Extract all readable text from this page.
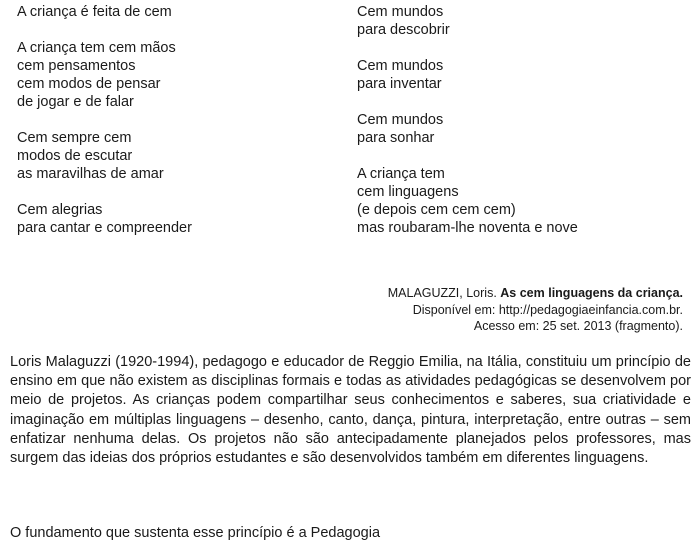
A criança é feita de cem
A criança tem cem mãos
cem pensamentos
cem modos de pensar
de jogar e de falar
Cem sempre cem
modos de escutar
as maravilhas de amar
Cem alegrias
para cantar e compreender
Cem mundos
para descobrir
Cem mundos
para inventar
Cem mundos
para sonhar
A criança tem
cem linguagens
(e depois cem cem cem)
mas roubaram-lhe noventa e nove
MALAGUZZI, Loris. As cem linguagens da criança.
Disponível em: http://pedagogiaeinfancia.com.br.
Acesso em: 25 set. 2013 (fragmento).

Loris Malaguzzi (1920-1994), pedagogo e educador de Reggio Emilia, na Itália, constituiu um princípio de ensino em que não existem as disciplinas formais e todas as atividades pedagógicas se desenvolvem por meio de projetos. As crianças podem compartilhar seus conhecimentos e saberes, sua criatividade e imaginação em múltiplas linguagens – desenho, canto, dança, pintura, interpretação, entre outras – sem enfatizar nenhuma delas. Os projetos não são antecipadamente planejados pelos professores, mas surgem das ideias dos próprios estudantes e são desenvolvidos também em diferentes linguagens.

O fundamento que sustenta esse princípio é a Pedagogia
